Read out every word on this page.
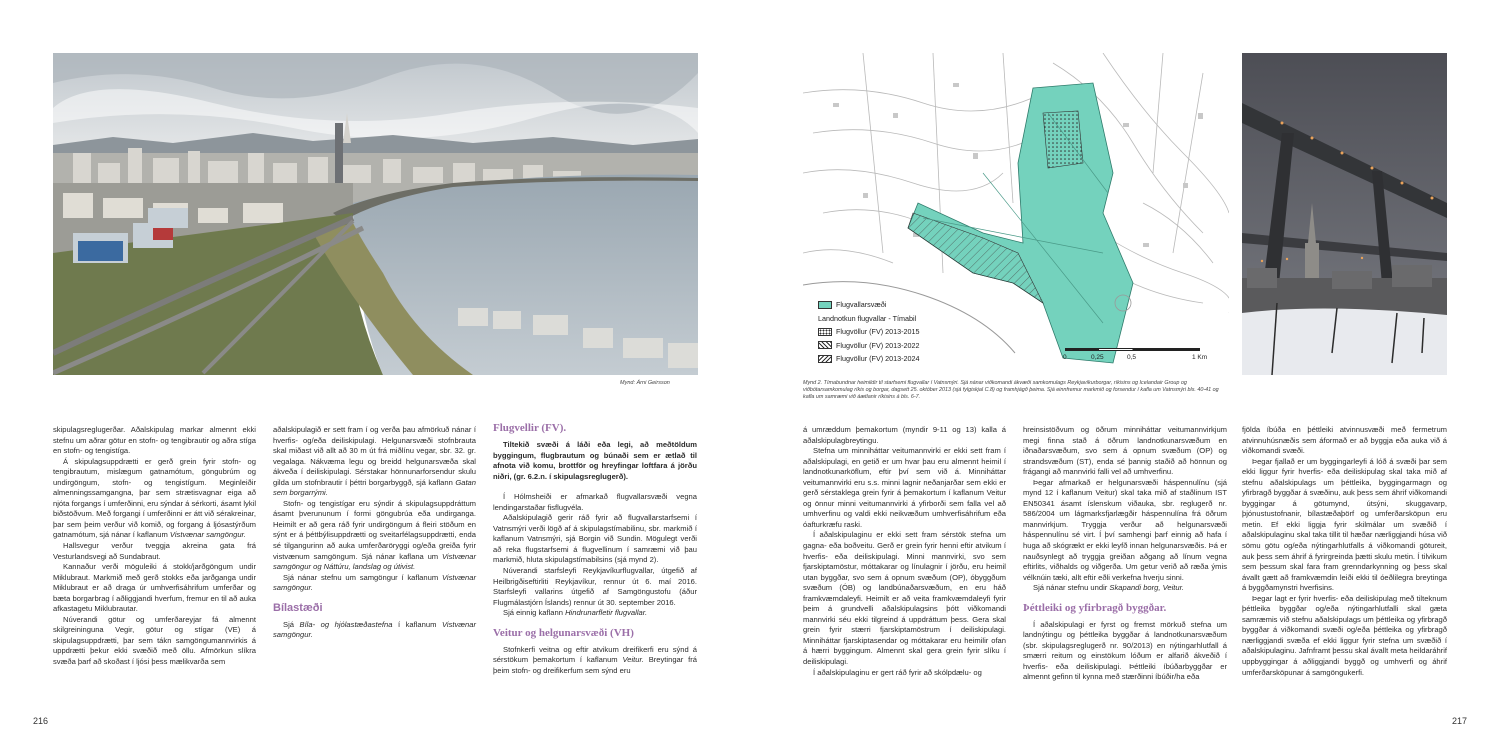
Mynd: Árni Geirsson
Flugvallarsvæði
Landnotkun flugvallar - Tímabil
Flugvöllur (FV) 2013-2015
Flugvöllur (FV) 2013-2022
Flugvöllur (FV) 2013-2024	0	0,25	0,5	1 Km
Mynd 2. Tímabundnar heimildir til starfsemi flugvallar í Vatnsmýri. Sjá nánar viðkomandi ákvæði samkomulags Reykjavíkurborgar, ríkisins og Icelandair Group og viðbótarsamkomulag ríkis og borgar, dagsett 25. október 2013 (sjá fylgiskjal C.8) og framhjágð þeima. Sjá einnfremur markmið og forsendur í kafla um Vatnsmýri bls. 40-41 og kafla um samræmi við áætlanir ríkisins á bls. 6-7.

skipulagsreglugerðar. Aðalskipulag markar almennt ekki stefnu um aðrar götur en stofn- og tengibrautir og aðra stíga en stofn- og tengistíga.

Á skipulagsuppdrætti er gerð grein fyrir stofn- og tengibrautum, mislægum gatnamótum, göngubrúm og undirgöngum, stofn- og tengistígum. Meginleiðir almenningssamgangna, þar sem strætisvagnar eiga að njóta forgangs í umferðinni, eru sýndar á sérkorti, ásamt lykil biðstöðvum. Með forgangi í umferðinni er átt við sérakreinar, þar sem þeim verður við komið, og forgang á ljósastýrðum gatnamótum, sjá nánar í kaflanum Vistvænar samgöngur.

Hallsvegur verður tveggja akreina gata frá Vesturlandsvegi að Sundabraut.

Kannaður verði möguleiki á stokk/jarðgöngum undir Miklubraut. Markmið með gerð stokks eða jarðganga undir Miklubraut er að draga úr umhverfisáhrifum umferðar og bæta borgarbrag í aðliggjandi hverfum, fremur en til að auka afkastagetu Miklubrautar.

Núverandi götur og umferðareyjar fá almennt skilgreininguna Vegir, götur og stígar (VE) á skipulagsuppdrætti, þar sem tákn samgöngumannvirkis á uppdrætti þekur ekki svæðið með öllu. Afmörkun slíkra svæða þarf að skoðast í ljósi þess mælikvarða sem

aðalskipulagið er sett fram í og verða þau afmörkuð nánar í hverfis- og/eða deiliskipulagi. Helgunarsvæði stofnbrauta skal miðast við allt að 30 m út frá miðlínu vegar, sbr. 32. gr. vegalaga. Nákvæma legu og breidd helgunarsvæða skal ákveða í deiliskipulagi. Sérstakar hönnunarforsendur skulu gilda um stofnbrautir í þéttri borgarbyggð, sjá kaflann Gatan sem borgarrými.

Stofn- og tengistígar eru sýndir á skipulagsuppdráttum ásamt þverununum í formi göngubrúa eða undirganga. Heimilt er að gera ráð fyrir undirgöngum á fleiri stöðum en sýnt er á þéttbýlisuppdrætti og sveitarfélagsuppdrætti, enda sé tilgangurinn að auka umferðaröryggi og/eða greiða fyrir vistvænum samgöngum. Sjá nánar kaflana um Vistvænar samgöngur og Náttúru, landslag og útivist.

Sjá nánar stefnu um samgöngur í kaflanum Vistvænar samgöngur.

Bílastæði

Sjá Bíla- og hjólastæðastefna í kaflanum Vistvænar samgöngur.

Flugvellir (FV).

Tiltekið svæði á láði eða legi, að meðtöldum byggingum, flugbrautum og búnaði sem er ætlað til afnota við komu, brottför og hreyfingar loftfara á jörðu niðri, (gr. 6.2.n. í skipulagsreglugerð).

Í Hólmsheiði er afmarkað flugvallarsvæði vegna lendingarstaðar fisflugvéla.

Aðalskipulagið gerir ráð fyrir að flugvallarstarfsemi í Vatnsmýri verði lögð af á skipulagstímabilinu, sbr. markmið í kaflanum Vatnsmýri, sjá Borgin við Sundin. Mögulegt verði að reka flugstarfsemi á flugvellinum í samræmi við þau markmið, hluta skipulagstímabilsins (sjá mynd 2).

Núverandi starfsleyfi Reykjavíkurflugvallar, útgefið af Heilbrigðiseftirliti Reykjavíkur, rennur út 6. maí 2016. Starfsleyfi vallarins útgefið af Samgöngustofu (áður Flugmálastjórn Íslands) rennur út 30. september 2016.

Sjá einnig kaflann Hindrunarfletir flugvallar.

Veitur og helgunarsvæði (VH)

Stofnkerfi veitna og eftir atvikum dreifikerfi eru sýnd á sérstökum þemakortum í kaflanum Veitur. Breytingar frá þeim stofn- og dreifikerfum sem sýnd eru

á umræddum þemakortum (myndir 9-11 og 13) kalla á aðalskipulagbreytingu.

Stefna um minniháttar veitumannvirki er ekki sett fram í aðalskipulagi, en getið er um hvar þau eru almennt heimil í landnotkunarköflum, eftir því sem við á. Minniháttar veitumannvirki eru s.s. minni lagnir neðanjarðar sem ekki er gerð sérstaklega grein fyrir á þemakortum í kaflanum Veitur og önnur minni veitumannvirki á yfirborði sem falla vel að umhverfinu og valdi ekki neikvæðum umhverfisáhrifum eða óafturkræfu raski.

Í aðalskipulaginu er ekki sett fram sérstök stefna um gagna- eða boðveitu. Gerð er grein fyrir henni eftir atvikum í hverfis- eða deiliskipulagi. Minni mannvirki, svo sem fjarskiptamöstur, móttakarar og línulagnir í jörðu, eru heimil utan byggðar, svo sem á opnum svæðum (OP), óbyggðum svæðum (ÓB) og landbúnaðarsvæðum, en eru háð framkvæmdaleyfi. Heimilt er að veita framkvæmdaleyfi fyrir þeim á grundvelli aðalskipulagsins þótt viðkomandi mannvirki séu ekki tilgreind á uppdráttum þess. Gera skal grein fyrir stærri fjarskiptamöstrum í deiliskipulagi. Minniháttar fjarskiptasendar og móttakarar eru heimilir ofan á hærri byggingum. Almennt skal gera grein fyrir slíku í deiliskipulagi.

Í aðalskipulaginu er gert ráð fyrir að skólpdælu- og

hreinsistöðvum og öðrum minniháttar veitumannvirkjum megi finna stað á öðrum landnotkunarsvæðum en iðnaðarsvæðum, svo sem á opnum svæðum (OP) og strandsvæðum (ST), enda sé þannig staðið að hönnun og frágangi að mannvirki falli vel að umhverfinu.

Þegar afmarkað er helgunarsvæði háspennulínu (sjá mynd 12 í kaflanum Veitur) skal taka mið af staðlinum IST EN50341 ásamt íslenskum viðauka, sbr. reglugerð nr. 586/2004 um lágmarksfjarlægðir háspennulína frá öðrum mannvirkjum. Tryggja verður að helgunarsvæði háspennulínu sé virt. Í því samhengi þarf einnig að hafa í huga að skógrækt er ekki leyfð innan helgunarsvæðis. Þá er nauðsynlegt að tryggja greiðan aðgang að línum vegna eftirlits, viðhalds og viðgerða. Um getur verið að ræða ýmis vélknúin tæki, allt eftir eðli verkefna hverju sinni.

Sjá nánar stefnu undir Skapandi borg, Veitur.

Þéttleiki og yfirbragð byggðar.

Í aðalskipulagi er fyrst og fremst mörkuð stefna um landnýtingu og þéttleika byggðar á landnotkunarsvæðum (sbr. skipulagsreglugerð nr. 90/2013) en nýtingarhlutfall á smærri reitum og einstökum lóðum er alfarið ákveðið í hverfis- eða deiliskipulagi. Þéttleiki íbúðarbyggðar er almennt gefinn til kynna með stærðinni íbúðir/ha eða

fjölda íbúða en þéttleiki atvinnusvæði með fermetrum atvinnuhúsnæðis sem áformað er að byggja eða auka við á viðkomandi svæði.

Þegar fjallað er um byggingarleyfi á lóð á svæði þar sem ekki liggur fyrir hverfis- eða deiliskipulag skal taka mið af stefnu aðalskipulags um þéttleika, byggingarmagn og yfirbragð byggðar á svæðinu, auk þess sem áhrif viðkomandi byggingar á götumynd, útsýni, skuggavarp, þjónustustofnanir, bílastæðaþörf og umferðarsköpun eru metin. Ef ekki liggja fyrir skilmálar um svæðið í aðalskipulaginu skal taka tillit til hæðar nærliggjandi húsa við sömu götu og/eða nýtingarhlutfalls á viðkomandi götureit, auk þess sem áhrif á fyrirgreinda þætti skulu metin. Í tilvikum sem þessum skal fara fram grenndarkynning og þess skal ávallt gætt að framkvæmdin leiði ekki til óeðlilegra breytinga á byggðamynstri hverfisins.

Þegar lagt er fyrir hverfis- eða deiliskipulag með tilteknum þéttleika byggðar og/eða nýtingarhlutfalli skal gæta samræmis við stefnu aðalskipulags um þéttleika og yfirbragð byggðar á viðkomandi svæði og/eða þéttleika og yfirbragð nærliggjandi svæða ef ekki liggur fyrir stefna um svæðið í aðalskipulaginu. Jafnframt þessu skal ávallt meta heildaráhrif uppbyggingar á aðliggjandi byggð og umhverfi og áhrif umferðarsköpunar á samgöngukerfi.

216	217
